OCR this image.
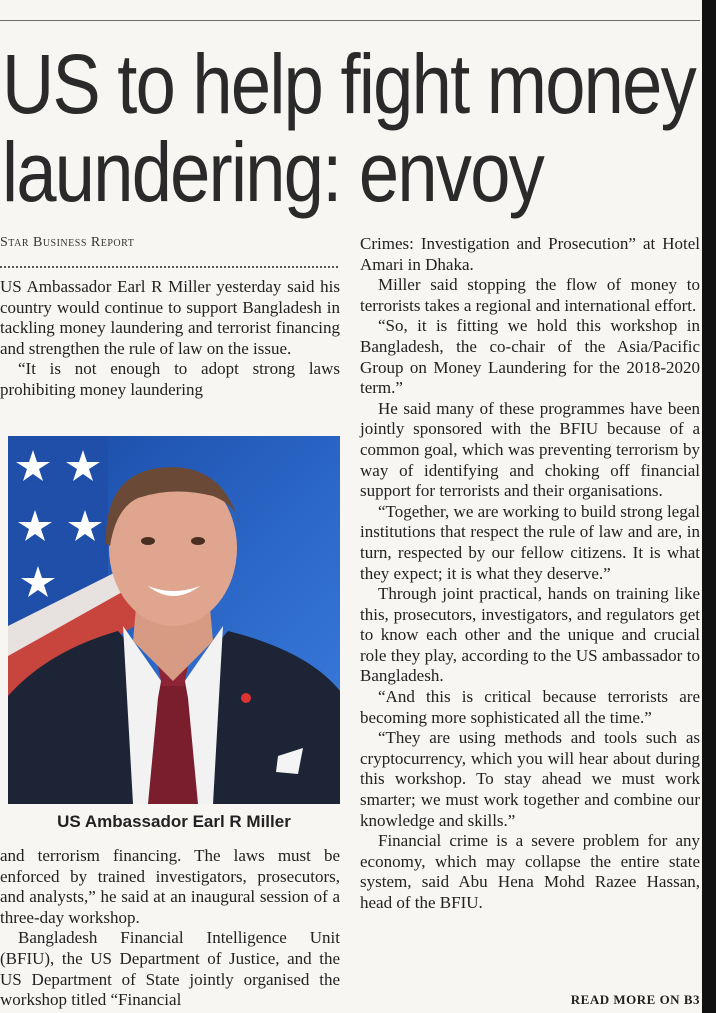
US to help fight money
laundering: envoy
Star Business Report

US Ambassador Earl R Miller yesterday said his country would continue to support Bangladesh in tackling money laundering and terrorist financing and strengthen the rule of law on the issue.

“It is not enough to adopt strong laws prohibiting money laundering

US Ambassador Earl R Miller

and terrorism financing. The laws must be enforced by trained investigators, prosecutors, and analysts,” he said at an inaugural session of a three-day workshop.

Bangladesh Financial Intelligence Unit (BFIU), the US Department of Justice, and the US Department of State jointly organised the workshop titled “Financial

Crimes: Investigation and Prosecution” at Hotel Amari in Dhaka.

Miller said stopping the flow of money to terrorists takes a regional and international effort.

“So, it is fitting we hold this workshop in Bangladesh, the co-chair of the Asia/Pacific Group on Money Laundering for the 2018-2020 term.”

He said many of these programmes have been jointly sponsored with the BFIU because of a common goal, which was preventing terrorism by way of identifying and choking off financial support for terrorists and their organisations.

“Together, we are working to build strong legal institutions that respect the rule of law and are, in turn, respected by our fellow citizens. It is what they expect; it is what they deserve.”

Through joint practical, hands on training like this, prosecutors, investigators, and regulators get to know each other and the unique and crucial role they play, according to the US ambassador to Bangladesh.

“And this is critical because terrorists are becoming more sophisticated all the time.”

“They are using methods and tools such as cryptocurrency, which you will hear about during this workshop. To stay ahead we must work smarter; we must work together and combine our knowledge and skills.”

Financial crime is a severe problem for any economy, which may collapse the entire state system, said Abu Hena Mohd Razee Hassan, head of the BFIU.

READ MORE ON B3
